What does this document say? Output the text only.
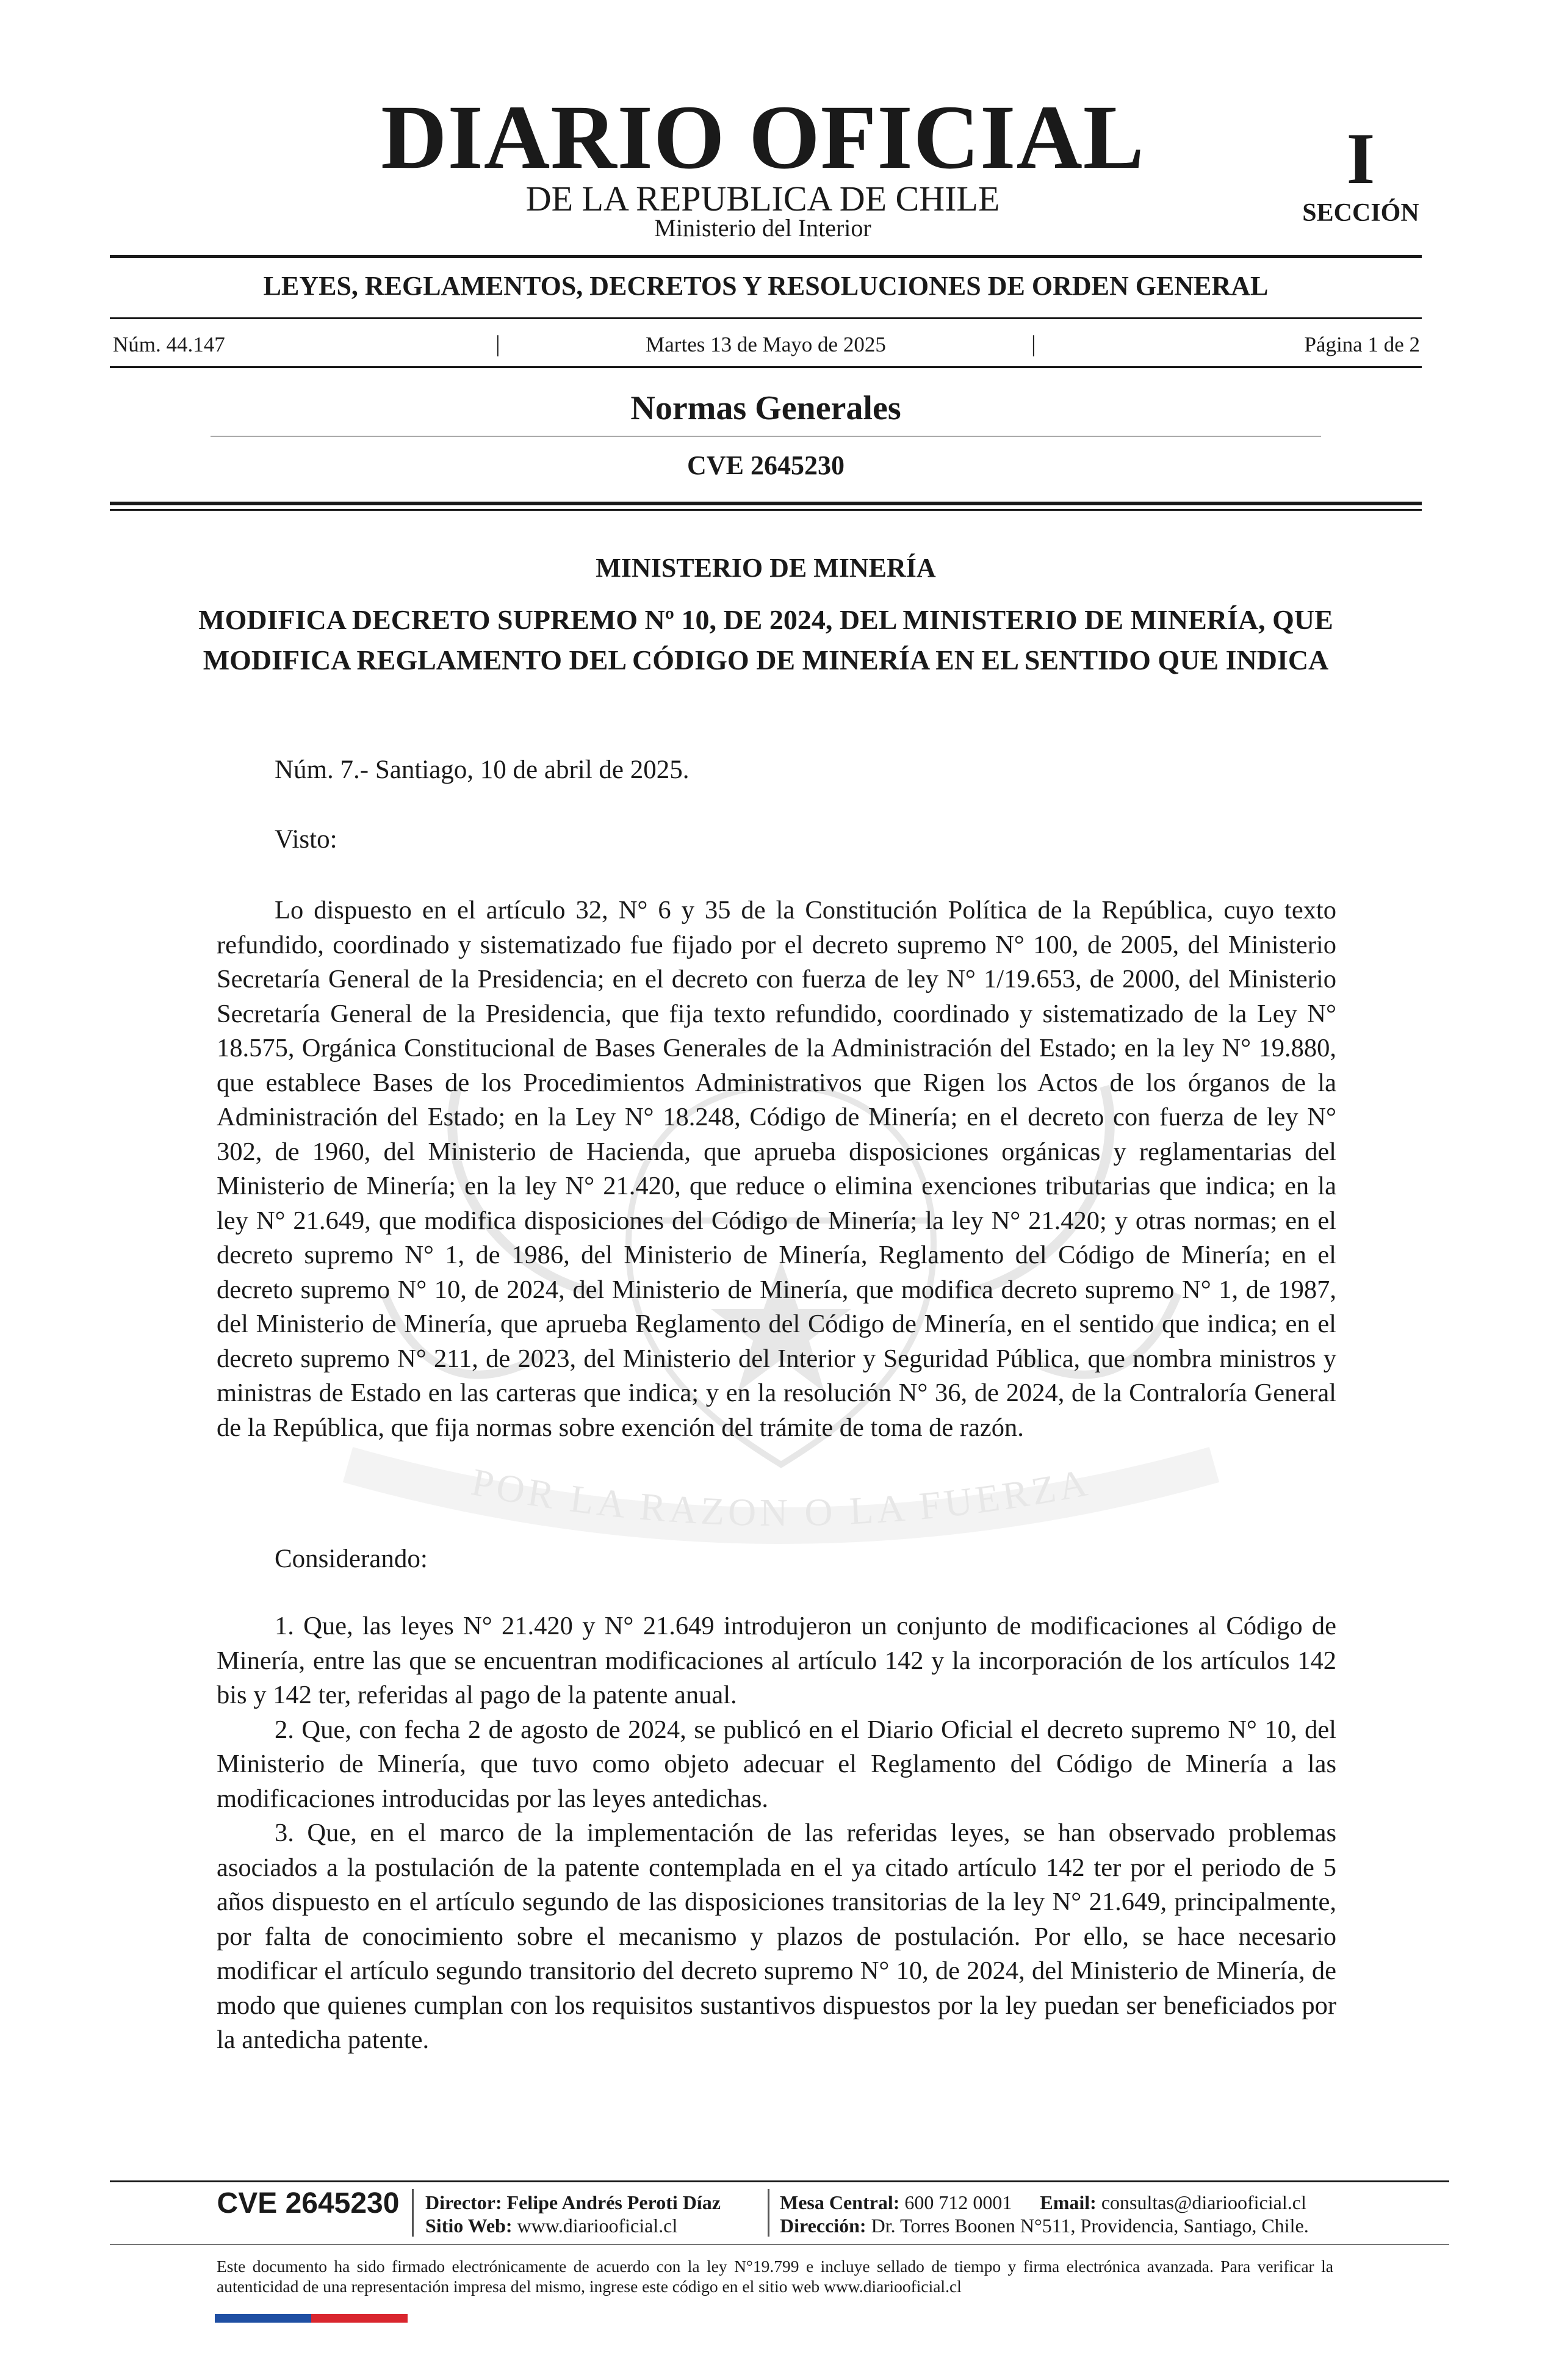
POR LA RAZON O LA FUERZA
DIARIO OFICIAL
DE LA REPUBLICA DE CHILE
Ministerio del Interior
I
SECCIÓN
LEYES, REGLAMENTOS, DECRETOS Y RESOLUCIONES DE ORDEN GENERAL
Núm. 44.147	|	Martes 13 de Mayo de 2025	|	Página 1 de 2
Normas Generales
CVE 2645230
MINISTERIO DE MINERÍA
MODIFICA DECRETO SUPREMO Nº 10, DE 2024, DEL MINISTERIO DE MINERÍA, QUE MODIFICA REGLAMENTO DEL CÓDIGO DE MINERÍA EN EL SENTIDO QUE INDICA
Núm. 7.- Santiago, 10 de abril de 2025.
Visto:

Lo dispuesto en el artículo 32, N° 6 y 35 de la Constitución Política de la República, cuyo texto refundido, coordinado y sistematizado fue fijado por el decreto supremo N° 100, de 2005, del Ministerio Secretaría General de la Presidencia; en el decreto con fuerza de ley N° 1/19.653, de 2000, del Ministerio Secretaría General de la Presidencia, que fija texto refundido, coordinado y sistematizado de la Ley N° 18.575, Orgánica Constitucional de Bases Generales de la Administración del Estado; en la ley N° 19.880, que establece Bases de los Procedimientos Administrativos que Rigen los Actos de los órganos de la Administración del Estado; en la Ley N° 18.248, Código de Minería; en el decreto con fuerza de ley N° 302, de 1960, del Ministerio de Hacienda, que aprueba disposiciones orgánicas y reglamentarias del Ministerio de Minería; en la ley N° 21.420, que reduce o elimina exenciones tributarias que indica; en la ley N° 21.649, que modifica disposiciones del Código de Minería; la ley N° 21.420; y otras normas; en el decreto supremo N° 1, de 1986, del Ministerio de Minería, Reglamento del Código de Minería; en el decreto supremo N° 10, de 2024, del Ministerio de Minería, que modifica decreto supremo N° 1, de 1987, del Ministerio de Minería, que aprueba Reglamento del Código de Minería, en el sentido que indica; en el decreto supremo N° 211, de 2023, del Ministerio del Interior y Seguridad Pública, que nombra ministros y ministras de Estado en las carteras que indica; y en la resolución N° 36, de 2024, de la Contraloría General de la República, que fija normas sobre exención del trámite de toma de razón.

Considerando:

1. Que, las leyes N° 21.420 y N° 21.649 introdujeron un conjunto de modificaciones al Código de Minería, entre las que se encuentran modificaciones al artículo 142 y la incorporación de los artículos 142 bis y 142 ter, referidas al pago de la patente anual.

2. Que, con fecha 2 de agosto de 2024, se publicó en el Diario Oficial el decreto supremo N° 10, del Ministerio de Minería, que tuvo como objeto adecuar el Reglamento del Código de Minería a las modificaciones introducidas por las leyes antedichas.

3. Que, en el marco de la implementación de las referidas leyes, se han observado problemas asociados a la postulación de la patente contemplada en el ya citado artículo 142 ter por el periodo de 5 años dispuesto en el artículo segundo de las disposiciones transitorias de la ley N° 21.649, principalmente, por falta de conocimiento sobre el mecanismo y plazos de postulación. Por ello, se hace necesario modificar el artículo segundo transitorio del decreto supremo N° 10, de 2024, del Ministerio de Minería, de modo que quienes cumplan con los requisitos sustantivos dispuestos por la ley puedan ser beneficiados por la antedicha patente.

CVE 2645230	Director: Felipe Andrés Peroti Díaz
Sitio Web: www.diariooficial.cl
Mesa Central: 600 712 0001 Email: consultas@diariooficial.cl
Dirección: Dr. Torres Boonen N°511, Providencia, Santiago, Chile.
Este documento ha sido firmado electrónicamente de acuerdo con la ley N°19.799 e incluye sellado de tiempo y firma electrónica avanzada. Para verificar la autenticidad de una representación impresa del mismo, ingrese este código en el sitio web www.diariooficial.cl
